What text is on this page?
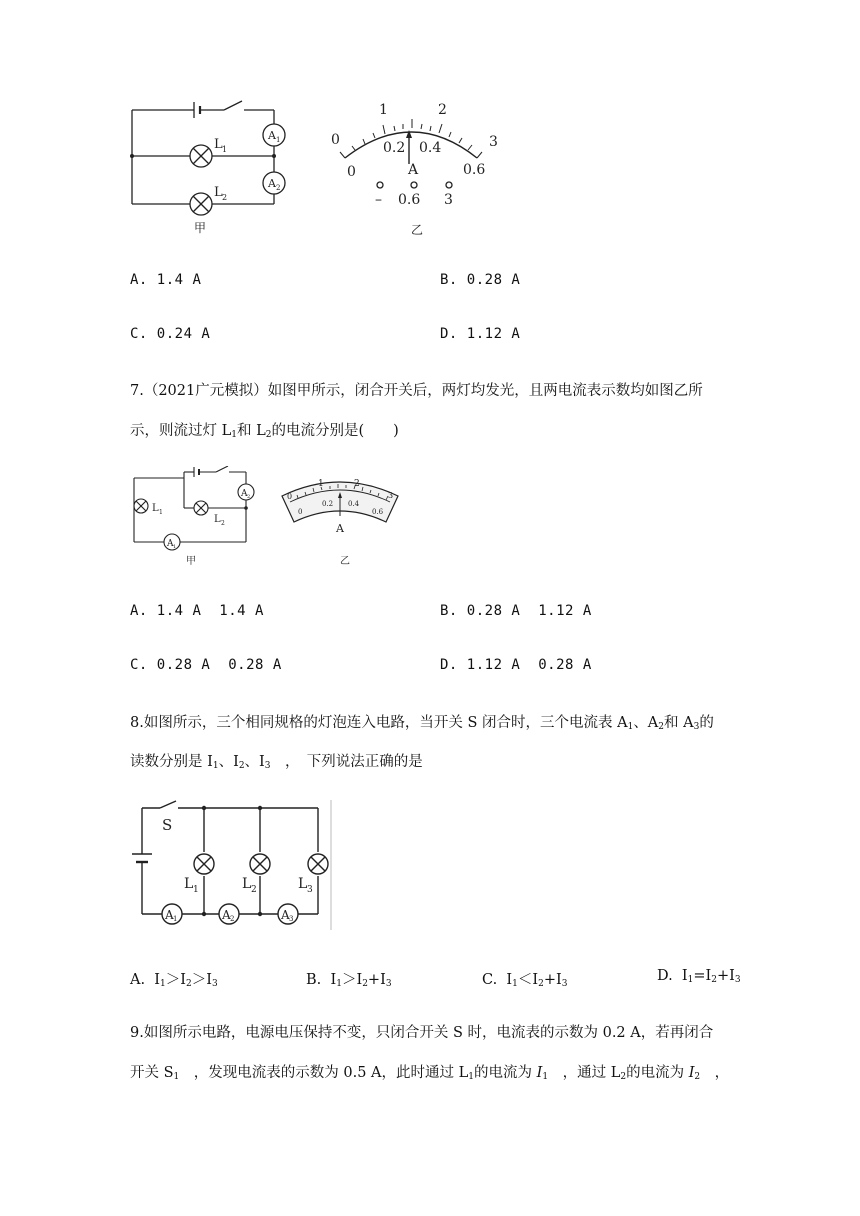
L 1
L 2
A 1
A 2
甲
1	2
3
0
0
0.2 0.4
0.6
A
– 0.6 3
乙
A. 1.4 A	B. 0.28 A
C. 0.24 A	D. 1.12 A
7.（2021广元模拟）如图甲所示，闭合开关后，两灯均发光，且两电流表示数均如图乙所
示，则流过灯 $L_1$和 $L_2$的电流分别是(　　)
L 1
L 2
A 1
A 2
甲
1	2
3
0
0
0.2 0.4
0.6
A
乙
A. 1.4 A  1.4 A	B. 0.28 A  1.12 A
C. 0.28 A  0.28 A	D. 1.12 A  0.28 A
8.如图所示，三个相同规格的灯泡连入电路，当开关 S 闭合时，三个电流表 $A_1$、$A_2$和 $A_3$的
读数分别是 $I_1$、$I_2$、$I_3$　，　下列说法正确的是
S
L 1	L 2	L 3
A 1	A 2	A 3
A.  $I_1>I_2>I_3$	B.  $I_1>I_2+I_3$	C.  $I_1<I_2+I_3$	D.  $I_1=I_2+I_3$
9.如图所示电路，电源电压保持不变，只闭合开关 S 时，电流表的示数为 0.2 A，若再闭合
开关 $S_1$　，发现电流表的示数为 0.5 A，此时通过 $L_1$的电流为 $I_1$　，通过 $L_2$的电流为 $I_2$　，
